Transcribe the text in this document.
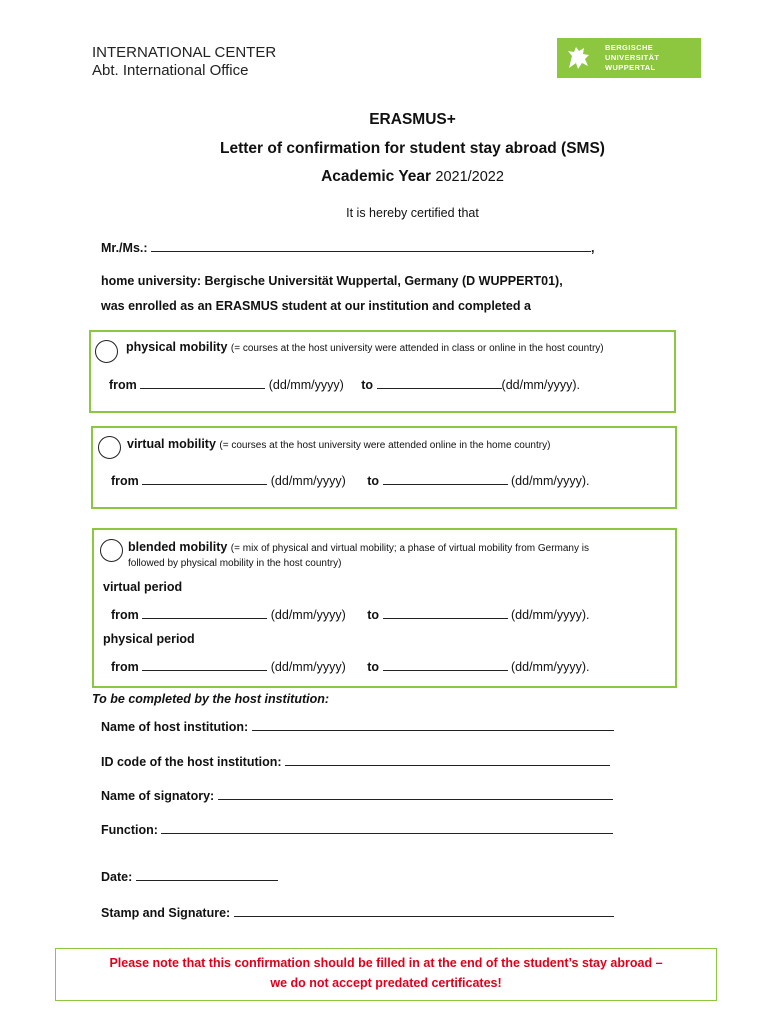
INTERNATIONAL CENTER
Abt. International Office
BERGISCHE
UNIVERSITÄT
WUPPERTAL
ERASMUS+
Letter of confirmation for student stay abroad (SMS)
Academic Year 2021/2022
It is hereby certified that
Mr./Ms.:	,
home university: Bergische Universität Wuppertal, Germany (D WUPPERT01),
was enrolled as an ERASMUS student at our institution and completed a
physical mobility (= courses at the host university were attended in class or online in the host country)
from	(dd/mm/yyyy) to	(dd/mm/yyyy).
virtual mobility (= courses at the host university were attended online in the home country)
from	(dd/mm/yyyy) to	(dd/mm/yyyy).
blended mobility (= mix of physical and virtual mobility; a phase of virtual mobility from Germany is
followed by physical mobility in the host country)
virtual period
from	(dd/mm/yyyy) to	(dd/mm/yyyy).
physical period
from	(dd/mm/yyyy) to	(dd/mm/yyyy).
To be completed by the host institution:
Name of host institution:
ID code of the host institution:
Name of signatory:
Function:
Date:
Stamp and Signature:
Please note that this confirmation should be filled in at the end of the student’s stay abroad –
we do not accept predated certificates!
